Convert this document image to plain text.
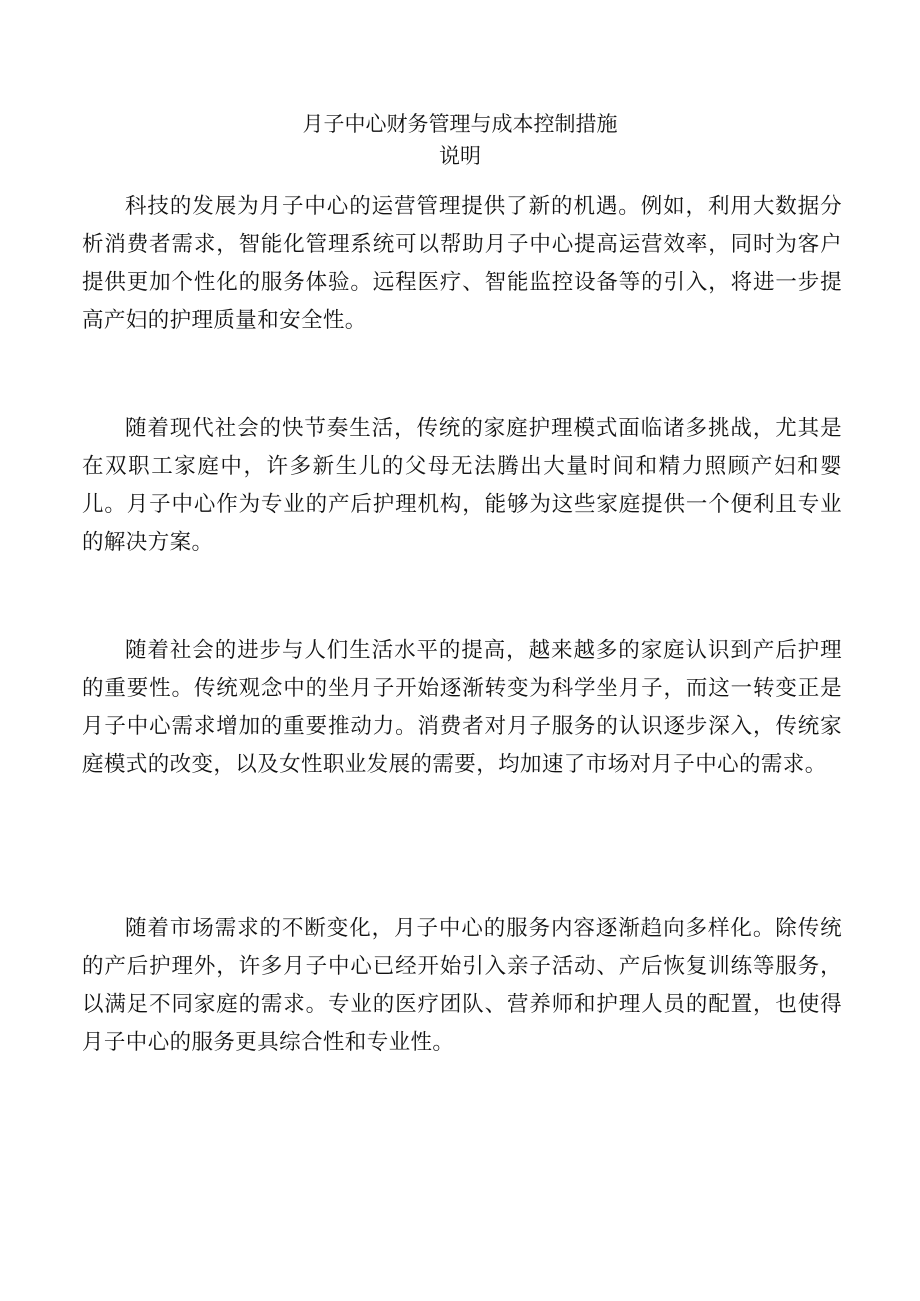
月子中心财务管理与成本控制措施
说明

科技的发展为月子中心的运营管理提供了新的机遇。例如，利用大数据分析消费者需求，智能化管理系统可以帮助月子中心提高运营效率，同时为客户提供更加个性化的服务体验。远程医疗、智能监控设备等的引入，将进一步提高产妇的护理质量和安全性。

随着现代社会的快节奏生活，传统的家庭护理模式面临诸多挑战，尤其是在双职工家庭中，许多新生儿的父母无法腾出大量时间和精力照顾产妇和婴儿。月子中心作为专业的产后护理机构，能够为这些家庭提供一个便利且专业的解决方案。

随着社会的进步与人们生活水平的提高，越来越多的家庭认识到产后护理的重要性。传统观念中的坐月子开始逐渐转变为科学坐月子，而这一转变正是月子中心需求增加的重要推动力。消费者对月子服务的认识逐步深入，传统家庭模式的改变，以及女性职业发展的需要，均加速了市场对月子中心的需求。

随着市场需求的不断变化，月子中心的服务内容逐渐趋向多样化。除传统的产后护理外，许多月子中心已经开始引入亲子活动、产后恢复训练等服务，以满足不同家庭的需求。专业的医疗团队、营养师和护理人员的配置，也使得月子中心的服务更具综合性和专业性。
